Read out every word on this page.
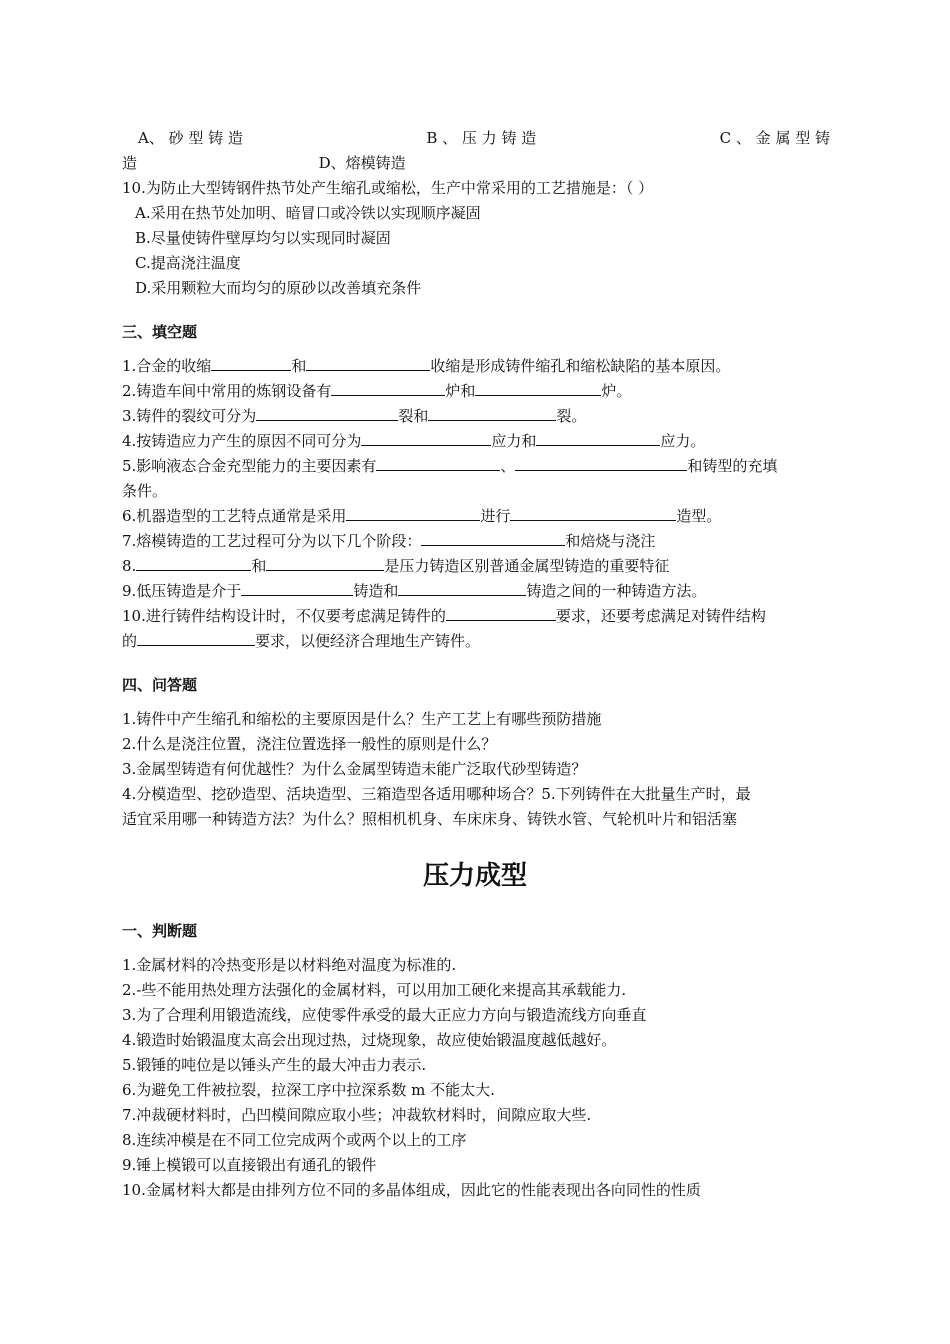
A、 砂 型 铸 造	B 、 压 力 铸 造	C 、 金 属 型 铸
造	D、熔模铸造
10.为防止大型铸钢件热节处产生缩孔或缩松，生产中常采用的工艺措施是：（ ）
A.采用在热节处加明、暗冒口或冷铁以实现顺序凝固
B.尽量使铸件壁厚均匀以实现同时凝固
C.提高浇注温度
D.采用颗粒大而均匀的原砂以改善填充条件
三、填空题
1.合金的收缩	和	收缩是形成铸件缩孔和缩松缺陷的基本原因。
2.铸造车间中常用的炼钢设备有	炉和	炉。
3.铸件的裂纹可分为	裂和	裂。
4.按铸造应力产生的原因不同可分为	应力和	应力。
5.影响液态合金充型能力的主要因素有	、	和铸型的充填
条件。
6.机器造型的工艺特点通常是采用	进行	造型。
7.熔模铸造的工艺过程可分为以下几个阶段：	和焙烧与浇注
8.	和	是压力铸造区别普通金属型铸造的重要特征
9.低压铸造是介于	铸造和	铸造之间的一种铸造方法。
10.进行铸件结构设计时，不仅要考虑满足铸件的	要求，还要考虑满足对铸件结构
的	要求，以便经济合理地生产铸件。
四、问答题
1.铸件中产生缩孔和缩松的主要原因是什么？生产工艺上有哪些预防措施
2.什么是浇注位置，浇注位置选择一般性的原则是什么？
3.金属型铸造有何优越性？为什么金属型铸造未能广泛取代砂型铸造？
4.分模造型、挖砂造型、活块造型、三箱造型各适用哪种场合？5.下列铸件在大批量生产时，最
适宜采用哪一种铸造方法？为什么？照相机机身、车床床身、铸铁水管、气轮机叶片和铝活塞
压力成型
一、判断题
1.金属材料的冷热变形是以材料绝对温度为标准的.
2.-些不能用热处理方法强化的金属材料，可以用加工硬化来提高其承载能力.
3.为了合理利用锻造流线，应使零件承受的最大正应力方向与锻造流线方向垂直
4.锻造时始锻温度太高会出现过热，过烧现象，故应使始锻温度越低越好。
5.锻锤的吨位是以锤头产生的最大冲击力表示.
6.为避免工件被拉裂，拉深工序中拉深系数 m 不能太大.
7.冲裁硬材料时，凸凹模间隙应取小些；冲裁软材料时，间隙应取大些.
8.连续冲模是在不同工位完成两个或两个以上的工序
9.锤上模锻可以直接锻出有通孔的锻件
10.金属材料大都是由排列方位不同的多晶体组成，因此它的性能表现出各向同性的性质
